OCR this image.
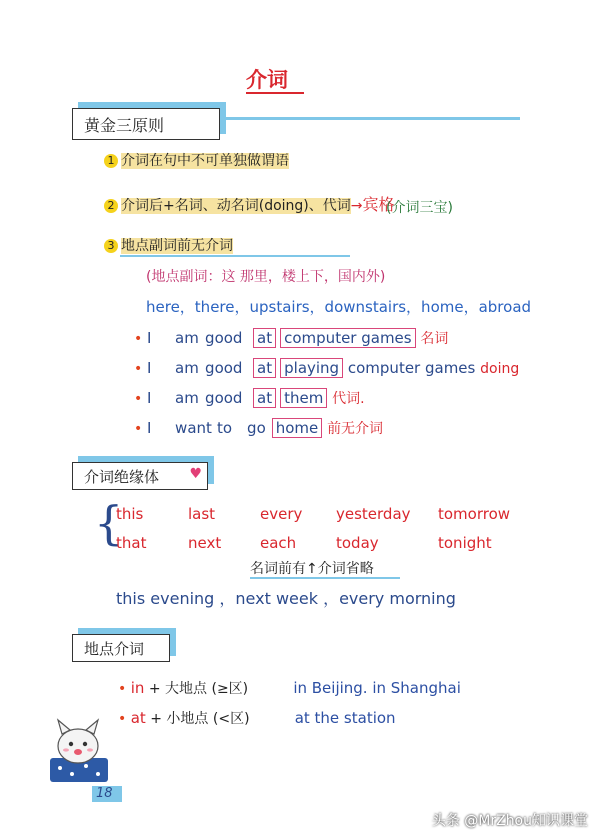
介词
黄金三原则
1 介词在句中不可单独做谓语
2 介词后+名词、动名词(doing)、代词→宾格
(介词三宝)
3 地点副词前无介词
(地点副词：这 那里，楼上下，国内外)
here，there，upstairs，downstairs，home，abroad
• I am good at computer games 名词
• I am good at playing computer games doing
• I am good at them 代词.
• I want to go home 前无介词
介词绝缘体 ♥
{
this	last	every yesterday tomorrow
that	next	each	today	tonight
名词前有↑介词省略
this evening ，next week ，every morning
地点介词
• in + 大地点 (≥区)	in Beijing. in Shanghai
• at + 小地点 (<区)	at the station
18
头条 @MrZhou知识课堂
